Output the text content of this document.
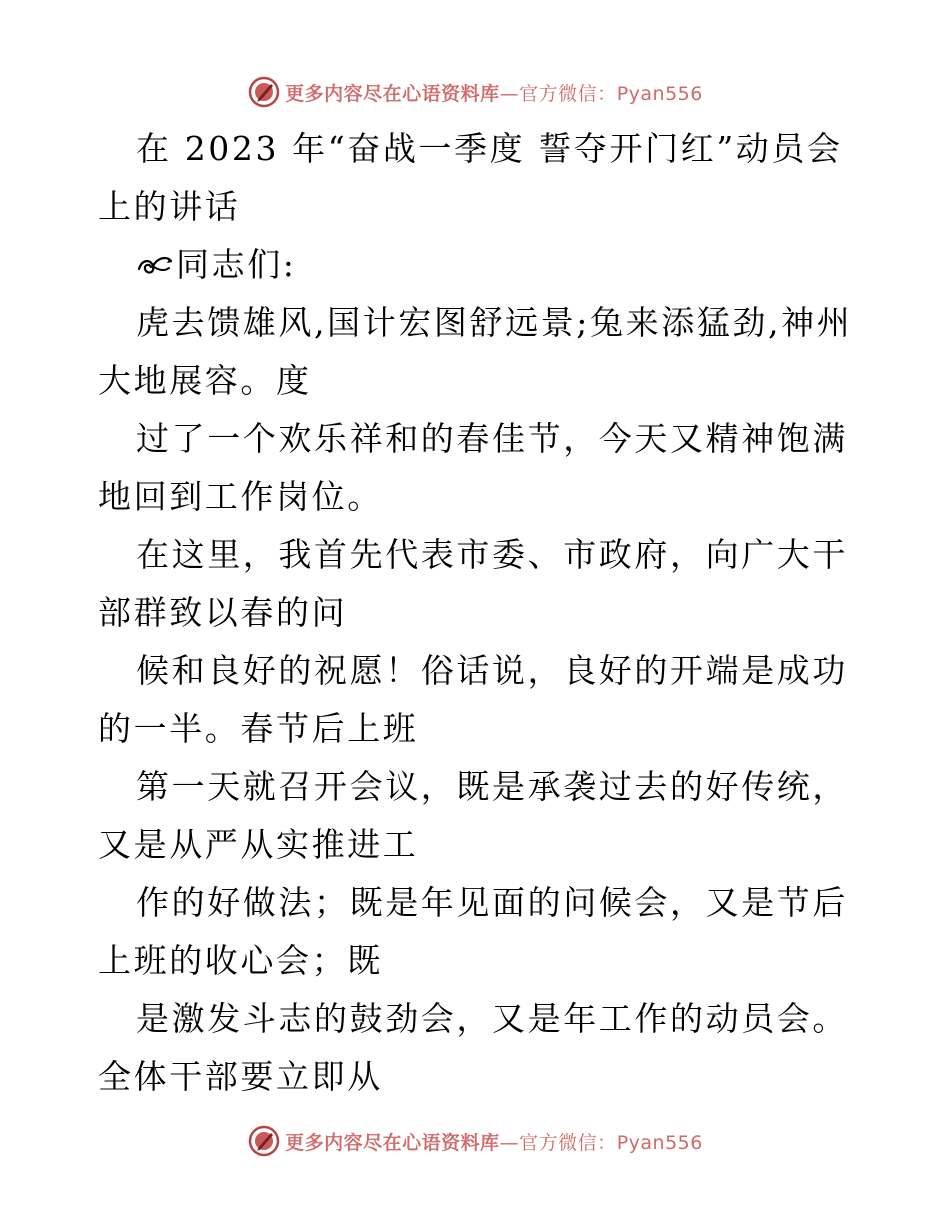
更多内容尽在心语资料库—官方微信：Pyan556

在 2023 年“奋战一季度 誓夺开门红”动员会上的讲话

同志们:

虎去馈雄风,国计宏图舒远景;兔来添猛劲,神州大地展容。度

过了一个欢乐祥和的春佳节，今天又精神饱满地回到工作岗位。

在这里，我首先代表市委、市政府，向广大干部群致以春的问

候和良好的祝愿！俗话说，良好的开端是成功的一半。春节后上班

第一天就召开会议，既是承袭过去的好传统，又是从严从实推进工

作的好做法；既是年见面的问候会，又是节后上班的收心会；既

是激发斗志的鼓劲会，又是年工作的动员会。全体干部要立即从

更多内容尽在心语资料库—官方微信：Pyan556
